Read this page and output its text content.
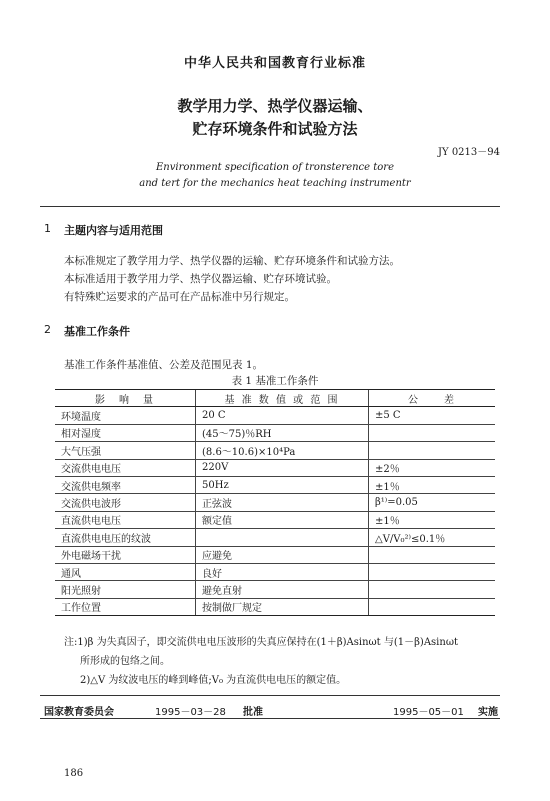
中华人民共和国教育行业标准
教学用力学、热学仪器运输、
贮存环境条件和试验方法
JY 0213－94
Environment specification of tronsterence tore
and tert for the mechanics heat teaching instrumentr
1 主题内容与适用范围
本标准规定了教学用力学、热学仪器的运输、贮存环境条件和试验方法。
本标准适用于教学用力学、热学仪器运输、贮存环境试验。
有特殊贮运要求的产品可在产品标准中另行规定。
2 基准工作条件
基准工作条件基准值、公差及范围见表 1。
表 1 基准工作条件
影　响　量	基 准 数 值 或 范 围	公　　差
环境温度	20 C	±5 C
相对湿度	(45～75)％RH	
大气压强	(8.6～10.6)×10⁴Pa	
交流供电电压	220V	±2％
交流供电频率	50Hz	±1％
交流供电波形	正弦波	β¹⁾=0.05
直流供电电压	额定值	±1％
直流供电电压的纹波		△V/V₀²⁾≤0.1％
外电磁场干扰	应避免	
通风	良好	
阳光照射	避免直射	
工作位置	按制做厂规定	
注:1)β 为失真因子，即交流供电电压波形的失真应保持在(1＋β)Asinωt 与(1－β)Asinωt
所形成的包络之间。
2)△V 为纹波电压的峰到峰值;V₀ 为直流供电电压的额定值。
国家教育委员会	1995－03－28 批准	1995－05－01 实施
186
